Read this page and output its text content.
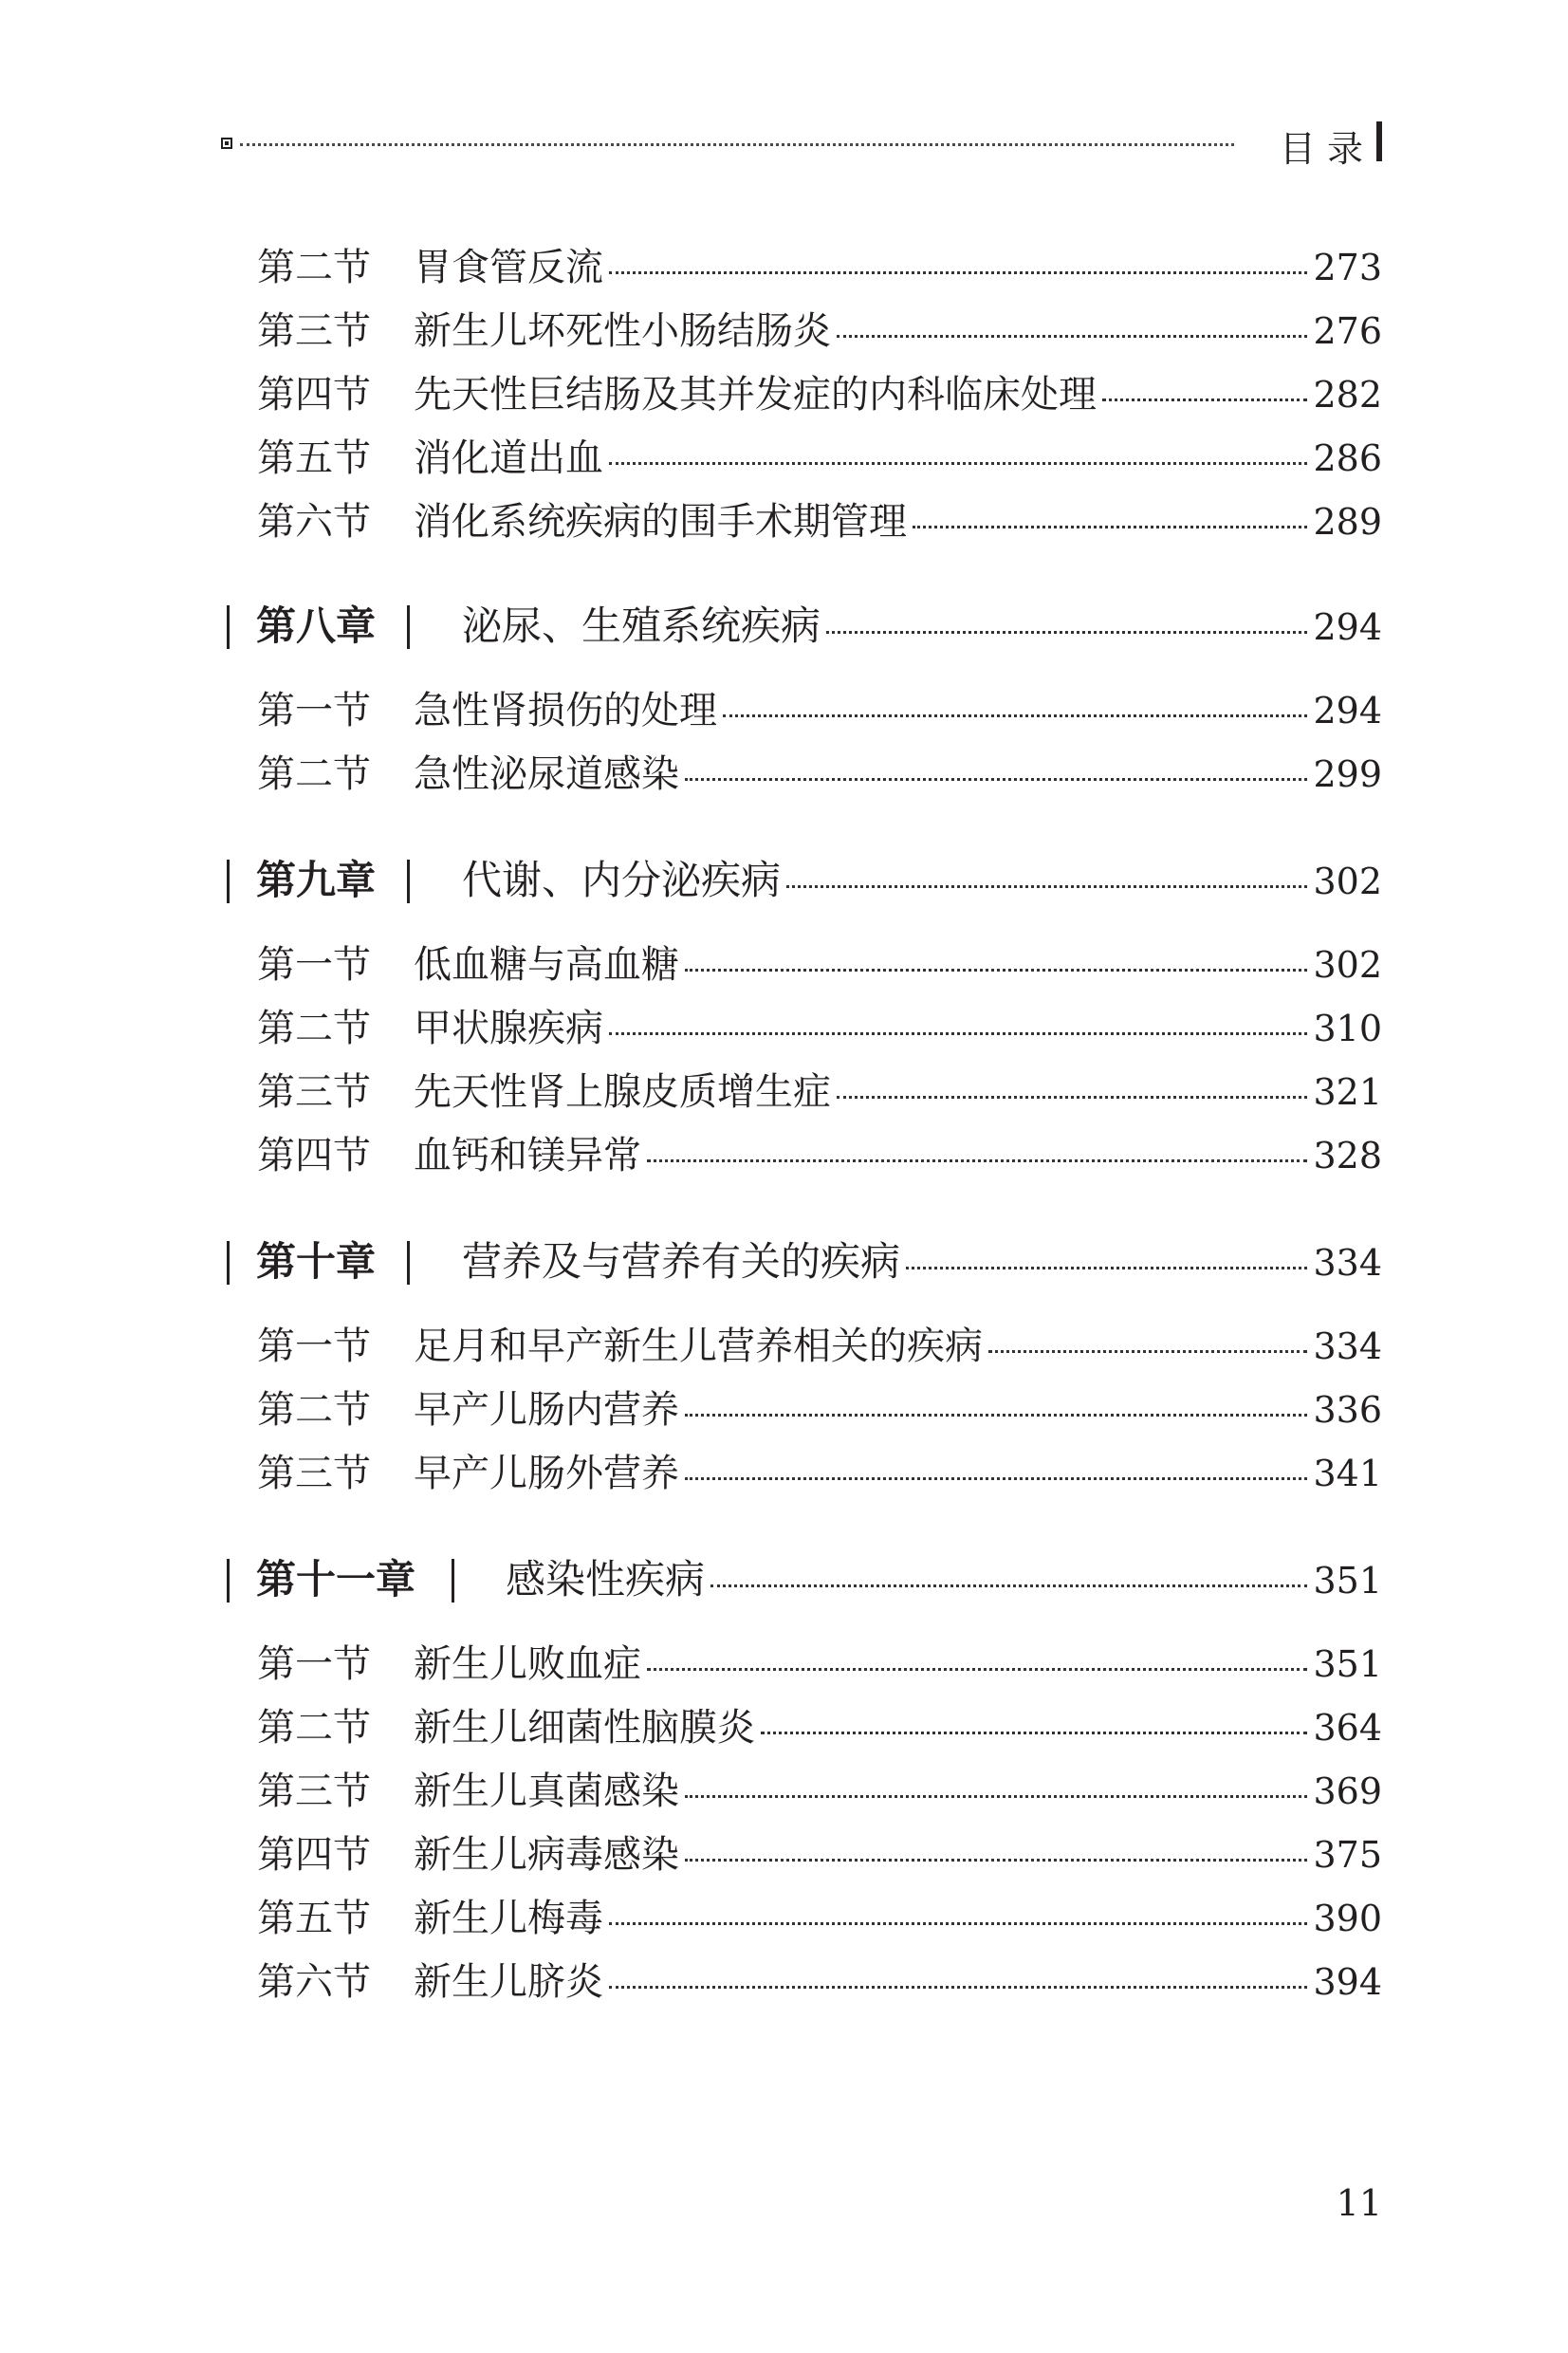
目 录
第二节 胃食管反流	273
第三节 新生儿坏死性小肠结肠炎	276
第四节 先天性巨结肠及其并发症的内科临床处理	282
第五节 消化道出血	286
第六节 消化系统疾病的围手术期管理	289
第八章 泌尿、生殖系统疾病	294
第一节 急性肾损伤的处理	294
第二节 急性泌尿道感染	299
第九章 代谢、内分泌疾病	302
第一节 低血糖与高血糖	302
第二节 甲状腺疾病	310
第三节 先天性肾上腺皮质增生症	321
第四节 血钙和镁异常	328
第十章 营养及与营养有关的疾病	334
第一节 足月和早产新生儿营养相关的疾病	334
第二节 早产儿肠内营养	336
第三节 早产儿肠外营养	341
第十一章 感染性疾病	351
第一节 新生儿败血症	351
第二节 新生儿细菌性脑膜炎	364
第三节 新生儿真菌感染	369
第四节 新生儿病毒感染	375
第五节 新生儿梅毒	390
第六节 新生儿脐炎	394
11
